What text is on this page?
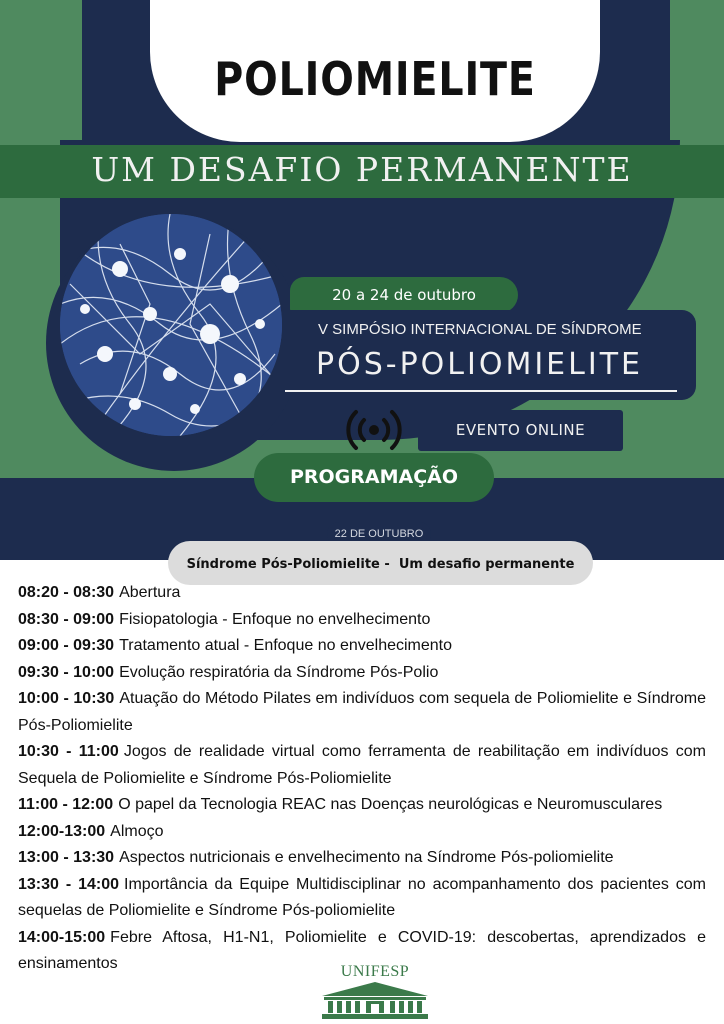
POLIOMIELITE
UM DESAFIO PERMANENTE
20 a 24 de outubro
V SIMPÓSIO INTERNACIONAL DE SÍNDROME
PÓS-POLIOMIELITE
EVENTO ONLINE
PROGRAMAÇÃO
22 DE OUTUBRO
Síndrome Pós-Poliomielite -  Um desafio permanente
08:20 - 08:30 Abertura
08:30 - 09:00 Fisiopatologia - Enfoque no envelhecimento
09:00 - 09:30 Tratamento atual - Enfoque no envelhecimento
09:30 - 10:00 Evolução respiratória da Síndrome Pós-Polio
10:00 - 10:30 Atuação do Método Pilates em indivíduos com sequela de Poliomielite e Síndrome Pós-Poliomielite
10:30 - 11:00 Jogos de realidade virtual como ferramenta de reabilitação em indivíduos com Sequela de Poliomielite e Síndrome Pós-Poliomielite
11:00 - 12:00 O papel da Tecnologia REAC nas Doenças neurológicas e Neuromusculares
12:00-13:00 Almoço
13:00 - 13:30 Aspectos nutricionais e envelhecimento na Síndrome Pós-poliomielite
13:30 - 14:00 Importância da Equipe Multidisciplinar no acompanhamento dos pacientes com sequelas de Poliomielite e Síndrome Pós-poliomielite
14:00-15:00 Febre Aftosa, H1-N1, Poliomielite e COVID-19: descobertas, aprendizados e ensinamentos	UNIFESP
